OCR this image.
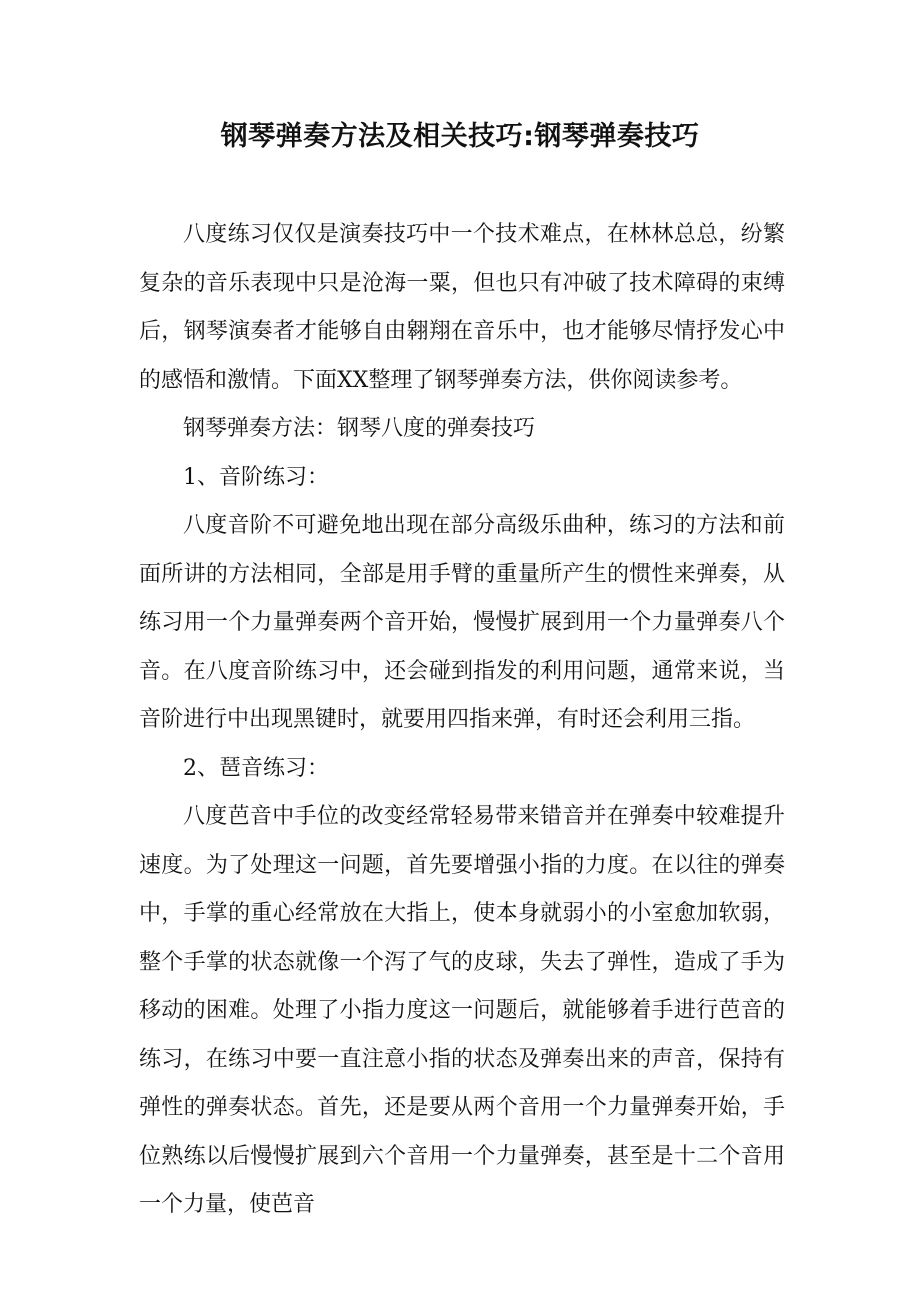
钢琴弹奏方法及相关技巧:钢琴弹奏技巧

八度练习仅仅是演奏技巧中一个技术难点，在林林总总，纷繁复杂的音乐表现中只是沧海一粟，但也只有冲破了技术障碍的束缚后，钢琴演奏者才能够自由翱翔在音乐中，也才能够尽情抒发心中的感悟和激情。下面XX整理了钢琴弹奏方法，供你阅读参考。

钢琴弹奏方法：钢琴八度的弹奏技巧

1、音阶练习：

八度音阶不可避免地出现在部分高级乐曲种，练习的方法和前面所讲的方法相同，全部是用手臂的重量所产生的惯性来弹奏，从练习用一个力量弹奏两个音开始，慢慢扩展到用一个力量弹奏八个音。在八度音阶练习中，还会碰到指发的利用问题，通常来说，当音阶进行中出现黑键时，就要用四指来弹，有时还会利用三指。

2、琶音练习：

八度芭音中手位的改变经常轻易带来错音并在弹奏中较难提升速度。为了处理这一问题，首先要增强小指的力度。在以往的弹奏中，手掌的重心经常放在大指上，使本身就弱小的小室愈加软弱，整个手掌的状态就像一个泻了气的皮球，失去了弹性，造成了手为移动的困难。处理了小指力度这一问题后，就能够着手进行芭音的练习，在练习中要一直注意小指的状态及弹奏出来的声音，保持有弹性的弹奏状态。首先，还是要从两个音用一个力量弹奏开始，手位熟练以后慢慢扩展到六个音用一个力量弹奏，甚至是十二个音用一个力量，使芭音
